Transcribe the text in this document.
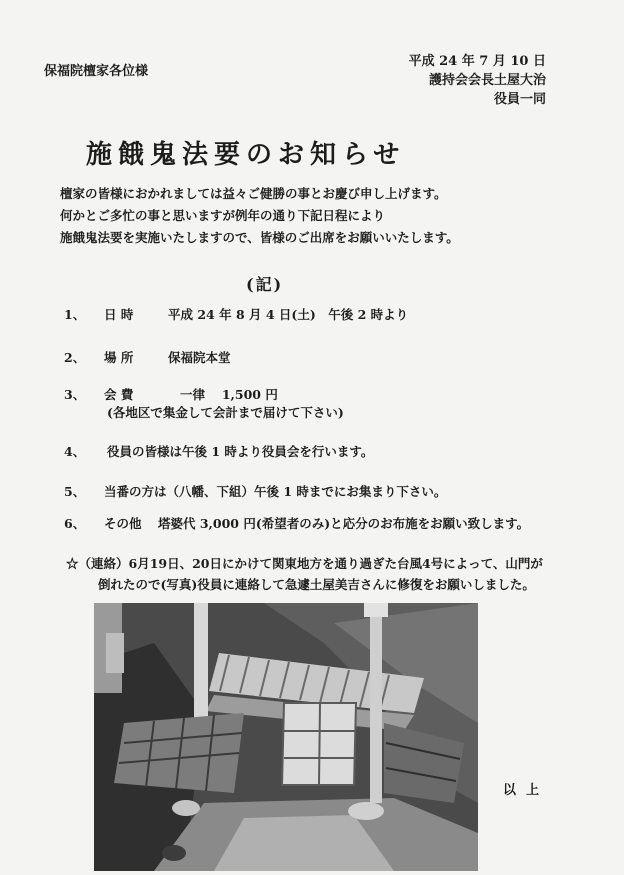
保福院檀家各位様
平成 24 年 7 月 10 日
護持会会長土屋大治
役員一同
施餓鬼法要のお知らせ
檀家の皆様におかれましては益々ご健勝の事とお慶び申し上げます。
何かとご多忙の事と思いますが例年の通り下記日程により
施餓鬼法要を実施いたしますので、皆様のご出席をお願いいたします。
(記)
1、 日 時	平成 24 年 8 月 4 日(土)　午後 2 時より
2、 場 所	保福院本堂
3、 会 費	一律　 1,500 円
(各地区で集金して会計まで届けて下さい)
4、 役員の皆様は午後 1 時より役員会を行います。
5、 当番の方は（八幡、下組）午後 1 時までにお集まり下さい。
6、 その他 塔婆代 3,000 円(希望者のみ)と応分のお布施をお願い致します。
☆（連絡）6月19日、20日にかけて関東地方を通り過ぎた台風4号によって、山門が
倒れたので(写真)役員に連絡して急遽土屋美吉さんに修復をお願いしました。
以上
